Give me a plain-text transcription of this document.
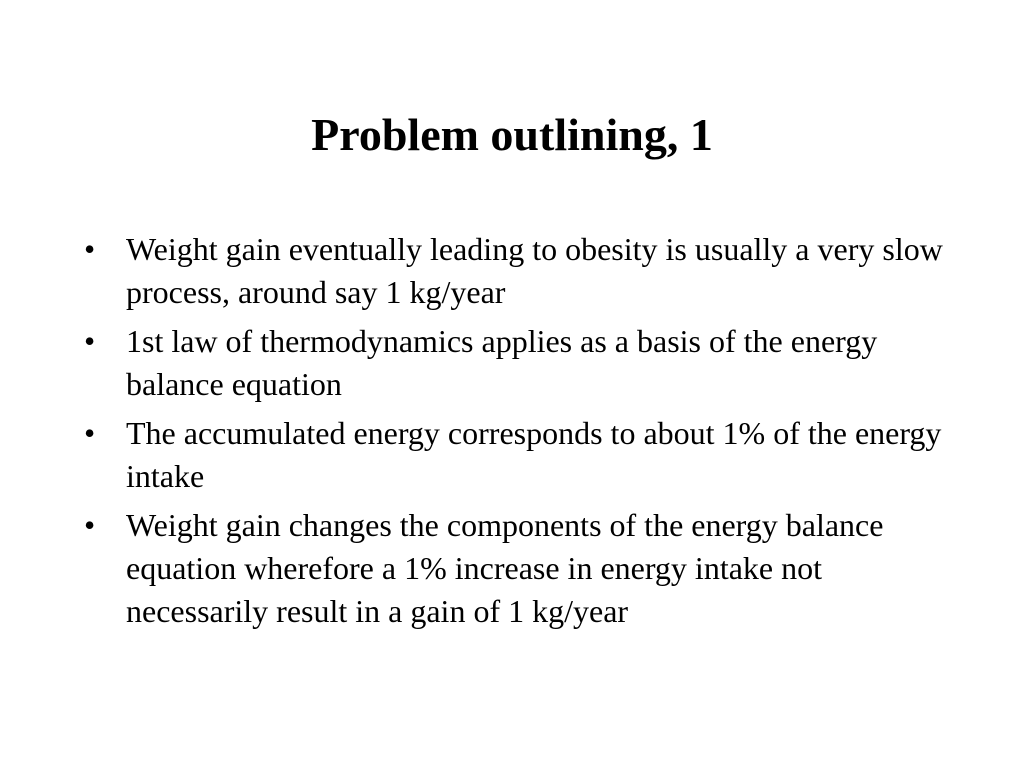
Problem outlining, 1
• Weight gain eventually leading to obesity is usually a very slow process, around say 1 kg/year
• 1st law of thermodynamics applies as a basis of the energy balance equation
• The accumulated energy corresponds to about 1% of the energy intake
• Weight gain changes the components of the energy balance equation wherefore a 1% increase in energy intake not necessarily result in a gain of 1 kg/year
